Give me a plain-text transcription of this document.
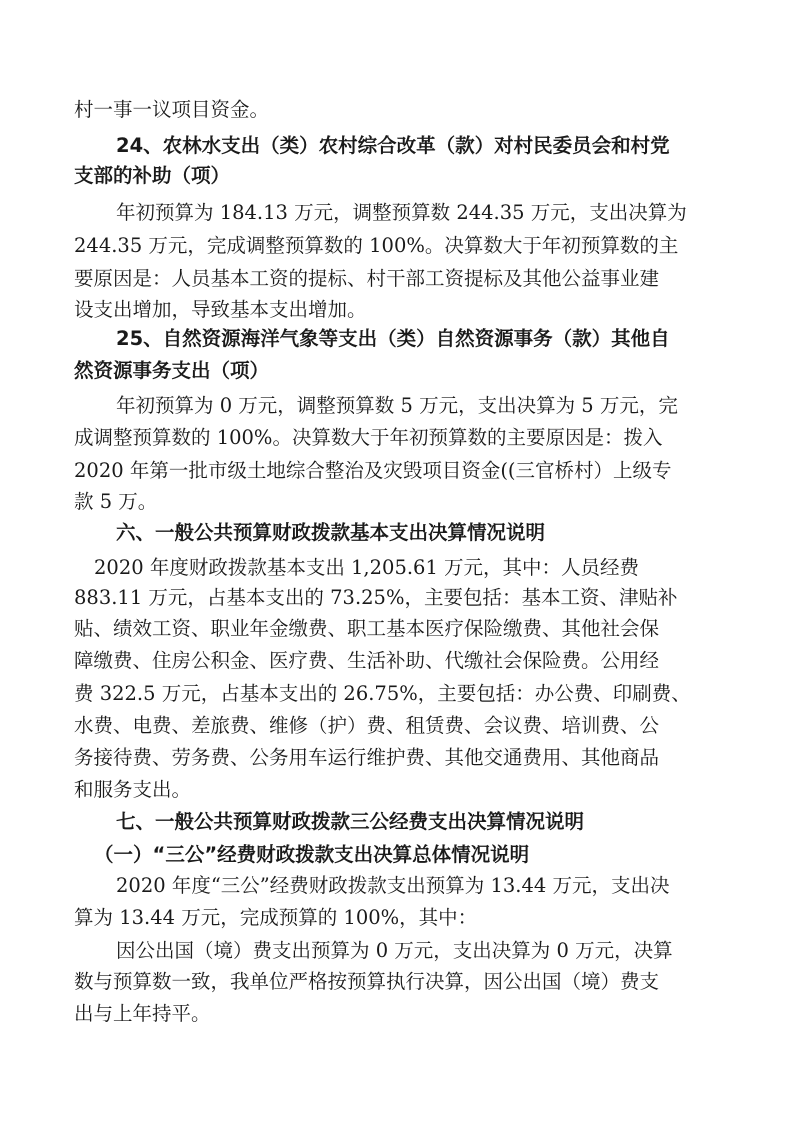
村一事一议项目资金。
24、农林水支出（类）农村综合改革（款）对村民委员会和村党
支部的补助（项）
年初预算为 184.13 万元，调整预算数 244.35 万元，支出决算为
244.35 万元，完成调整预算数的 100%。决算数大于年初预算数的主
要原因是：人员基本工资的提标、村干部工资提标及其他公益事业建
设支出增加，导致基本支出增加。
25、自然资源海洋气象等支出（类）自然资源事务（款）其他自
然资源事务支出（项）
年初预算为 0 万元，调整预算数 5 万元，支出决算为 5 万元，完
成调整预算数的 100%。决算数大于年初预算数的主要原因是：拨入
2020 年第一批市级土地综合整治及灾毁项目资金((三官桥村）上级专
款 5 万。
六、一般公共预算财政拨款基本支出决算情况说明
2020 年度财政拨款基本支出 1,205.61 万元，其中：人员经费
883.11 万元，占基本支出的 73.25%，主要包括：基本工资、津贴补
贴、绩效工资、职业年金缴费、职工基本医疗保险缴费、其他社会保
障缴费、住房公积金、医疗费、生活补助、代缴社会保险费。公用经
费 322.5 万元，占基本支出的 26.75%，主要包括：办公费、印刷费、
水费、电费、差旅费、维修（护）费、租赁费、会议费、培训费、公
务接待费、劳务费、公务用车运行维护费、其他交通费用、其他商品
和服务支出。
七、一般公共预算财政拨款三公经费支出决算情况说明
（一）“三公”经费财政拨款支出决算总体情况说明
2020 年度“三公”经费财政拨款支出预算为 13.44 万元，支出决
算为 13.44 万元，完成预算的 100%，其中：
因公出国（境）费支出预算为 0 万元，支出决算为 0 万元，决算
数与预算数一致，我单位严格按预算执行决算，因公出国（境）费支
出与上年持平。
